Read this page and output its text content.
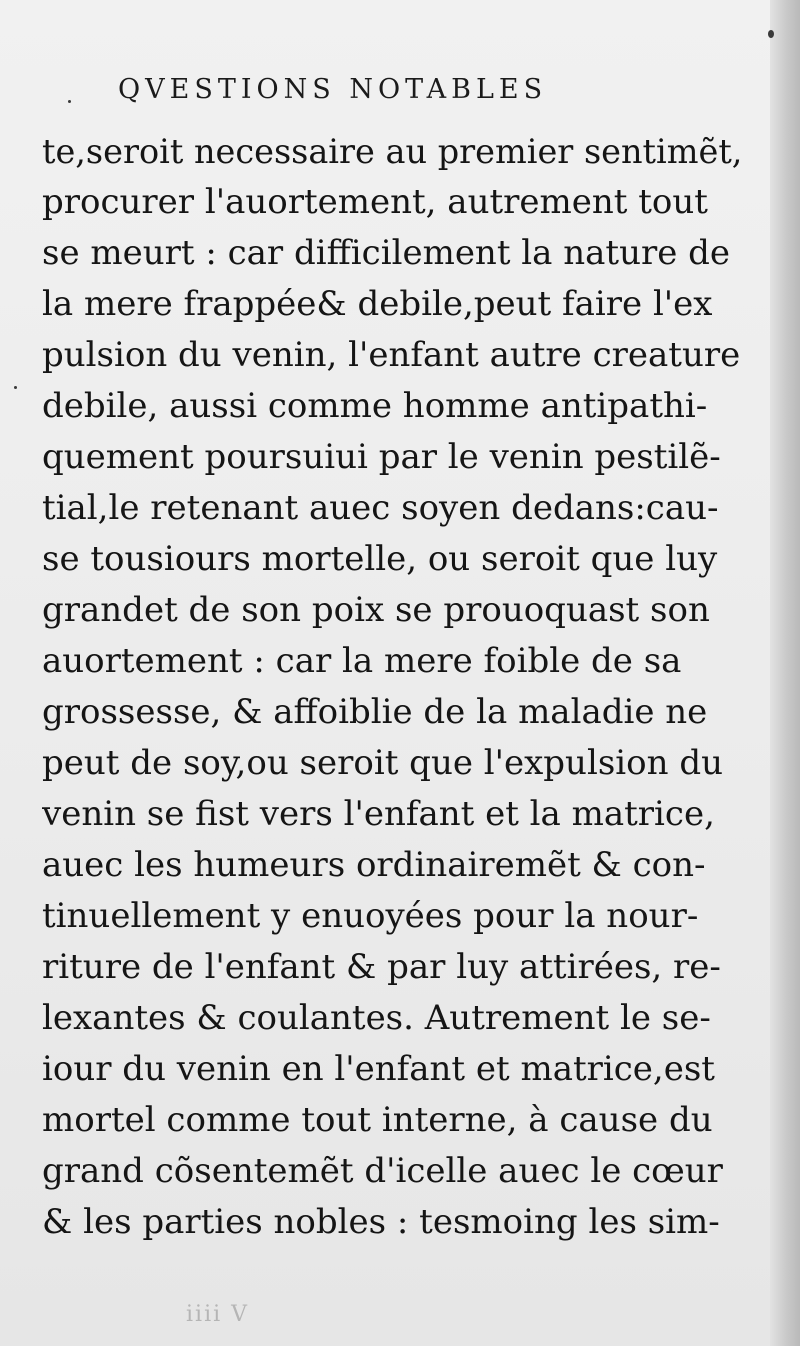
QVESTIONS NOTABLES
te,seroit necessaire au premier sentimẽt,
procurer l'auortement, autrement tout
se meurt : car difficilement la nature de
la mere frappée& debile,peut faire l'ex
pulsion du venin, l'enfant autre creature
debile, aussi comme homme antipathi-
quement poursuiui par le venin pestilẽ-
tial,le retenant auec soyen dedans:cau-
se tousiours mortelle, ou seroit que luy
grandet de son poix se prouoquast son
auortement : car la mere foible de sa
grossesse, & affoiblie de la maladie ne
peut de soy,ou seroit que l'expulsion du
venin se fist vers l'enfant et la matrice,
auec les humeurs ordinairemẽt & con-
tinuellement y enuoyées pour la nour-
riture de l'enfant & par luy attirées, re-
lexantes & coulantes. Autrement le se-
iour du venin en l'enfant et matrice,est
mortel comme tout interne, à cause du
grand cõsentemẽt d'icelle auec le cœur
& les parties nobles : tesmoing les sim-
iiii V
